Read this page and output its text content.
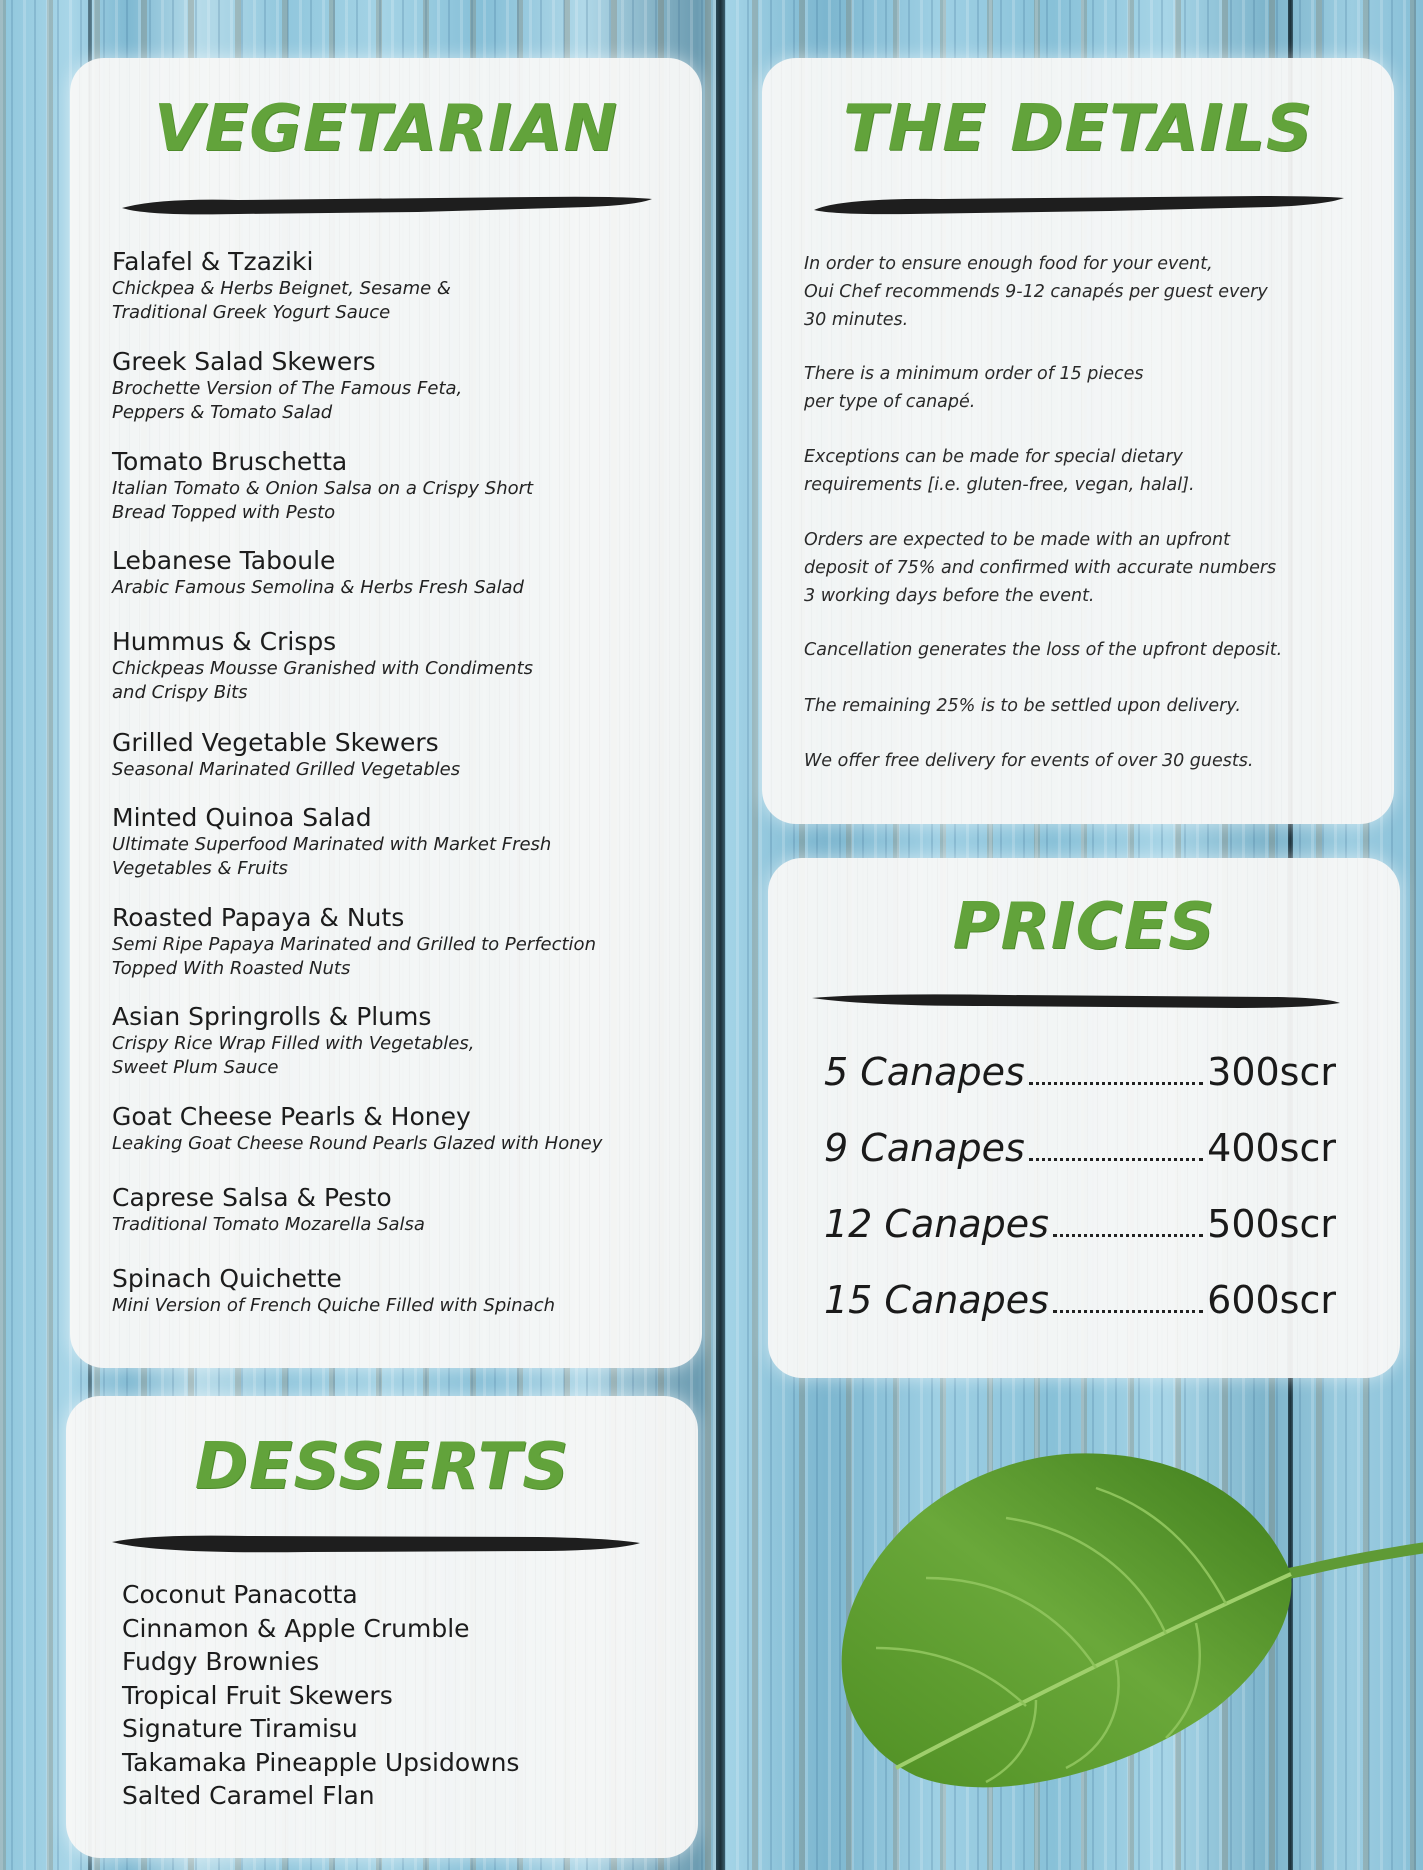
VEGETARIAN
Falafel & Tzaziki
Chickpea & Herbs Beignet, Sesame &
Traditional Greek Yogurt Sauce
Greek Salad Skewers
Brochette Version of The Famous Feta,
Peppers & Tomato Salad
Tomato Bruschetta
Italian Tomato & Onion Salsa on a Crispy Short
Bread Topped with Pesto
Lebanese Taboule
Arabic Famous Semolina & Herbs Fresh Salad
Hummus & Crisps
Chickpeas Mousse Granished with Condiments
and Crispy Bits
Grilled Vegetable Skewers
Seasonal Marinated Grilled Vegetables
Minted Quinoa Salad
Ultimate Superfood Marinated with Market Fresh
Vegetables & Fruits
Roasted Papaya & Nuts
Semi Ripe Papaya Marinated and Grilled to Perfection
Topped With Roasted Nuts
Asian Springrolls & Plums
Crispy Rice Wrap Filled with Vegetables,
Sweet Plum Sauce
Goat Cheese Pearls & Honey
Leaking Goat Cheese Round Pearls Glazed with Honey
Caprese Salsa & Pesto
Traditional Tomato Mozarella Salsa
Spinach Quichette
Mini Version of French Quiche Filled with Spinach
DESSERTS
Coconut Panacotta
Cinnamon & Apple Crumble
Fudgy Brownies
Tropical Fruit Skewers
Signature Tiramisu
Takamaka Pineapple Upsidowns
Salted Caramel Flan
THE DETAILS

In order to ensure enough food for your event,
Oui Chef recommends 9-12 canapés per guest every
30 minutes.

There is a minimum order of 15 pieces
per type of canapé.

Exceptions can be made for special dietary
requirements [i.e. gluten-free, vegan, halal].

Orders are expected to be made with an upfront
deposit of 75% and confirmed with accurate numbers
3 working days before the event.

Cancellation generates the loss of the upfront deposit.

The remaining 25% is to be settled upon delivery.

We offer free delivery for events of over 30 guests.

PRICES
5 Canapes	300scr
9 Canapes	400scr
12 Canapes	500scr
15 Canapes	600scr
